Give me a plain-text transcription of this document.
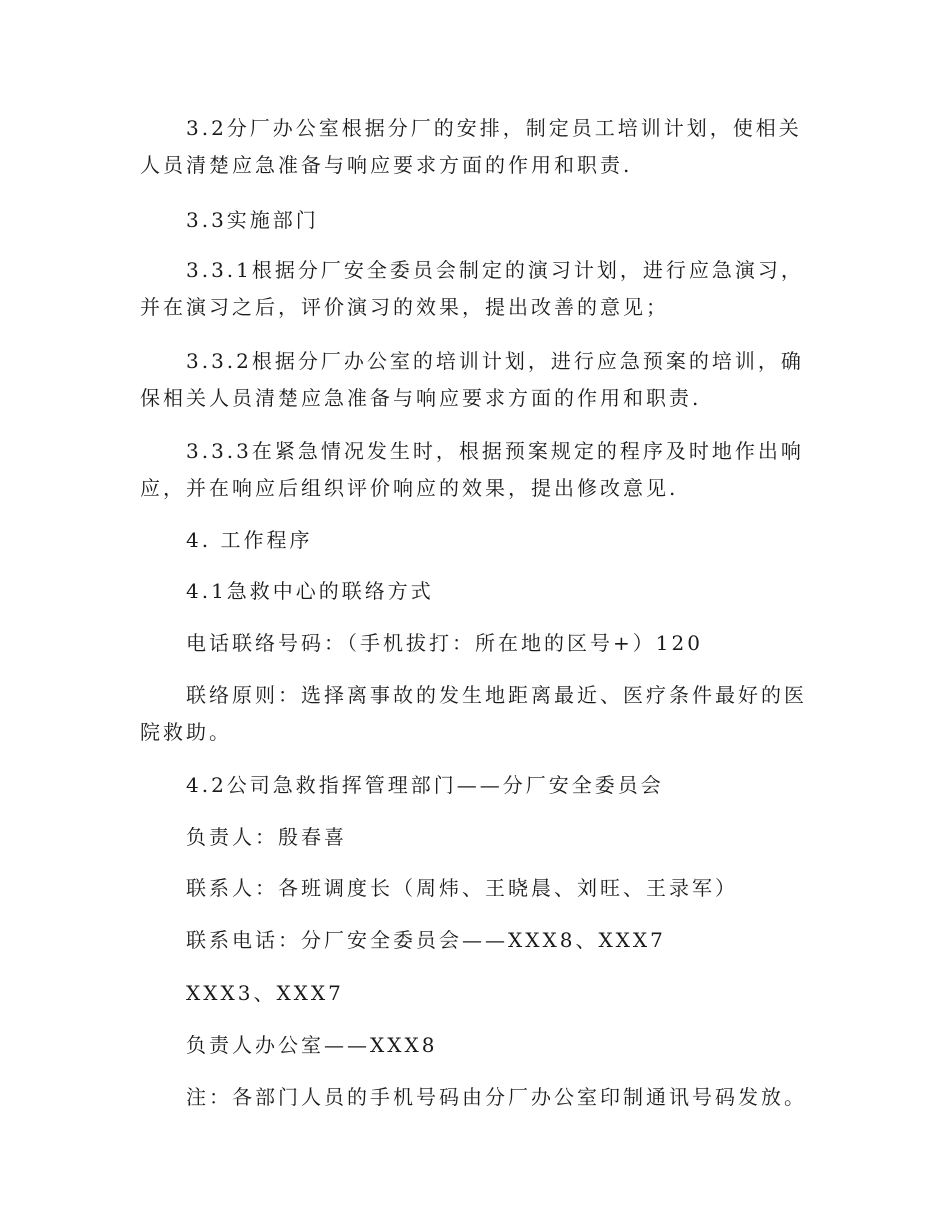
3.2分厂办公室根据分厂的安排，制定员工培训计划，使相关人员清楚应急准备与响应要求方面的作用和职责.

3.3实施部门

3.3.1根据分厂安全委员会制定的演习计划，进行应急演习，并在演习之后，评价演习的效果，提出改善的意见；

3.3.2根据分厂办公室的培训计划，进行应急预案的培训，确保相关人员清楚应急准备与响应要求方面的作用和职责.

3.3.3在紧急情况发生时，根据预案规定的程序及时地作出响应，并在响应后组织评价响应的效果，提出修改意见.

4. 工作程序

4.1急救中心的联络方式

电话联络号码：（手机拔打：所在地的区号+）120

联络原则：选择离事故的发生地距离最近、医疗条件最好的医院救助。

4.2公司急救指挥管理部门——分厂安全委员会

负责人：殷春喜

联系人：各班调度长（周炜、王晓晨、刘旺、王录军）

联系电话：分厂安全委员会——XXX8、XXX7

XXX3、XXX7

负责人办公室——XXX8

注：各部门人员的手机号码由分厂办公室印制通讯号码发放。
